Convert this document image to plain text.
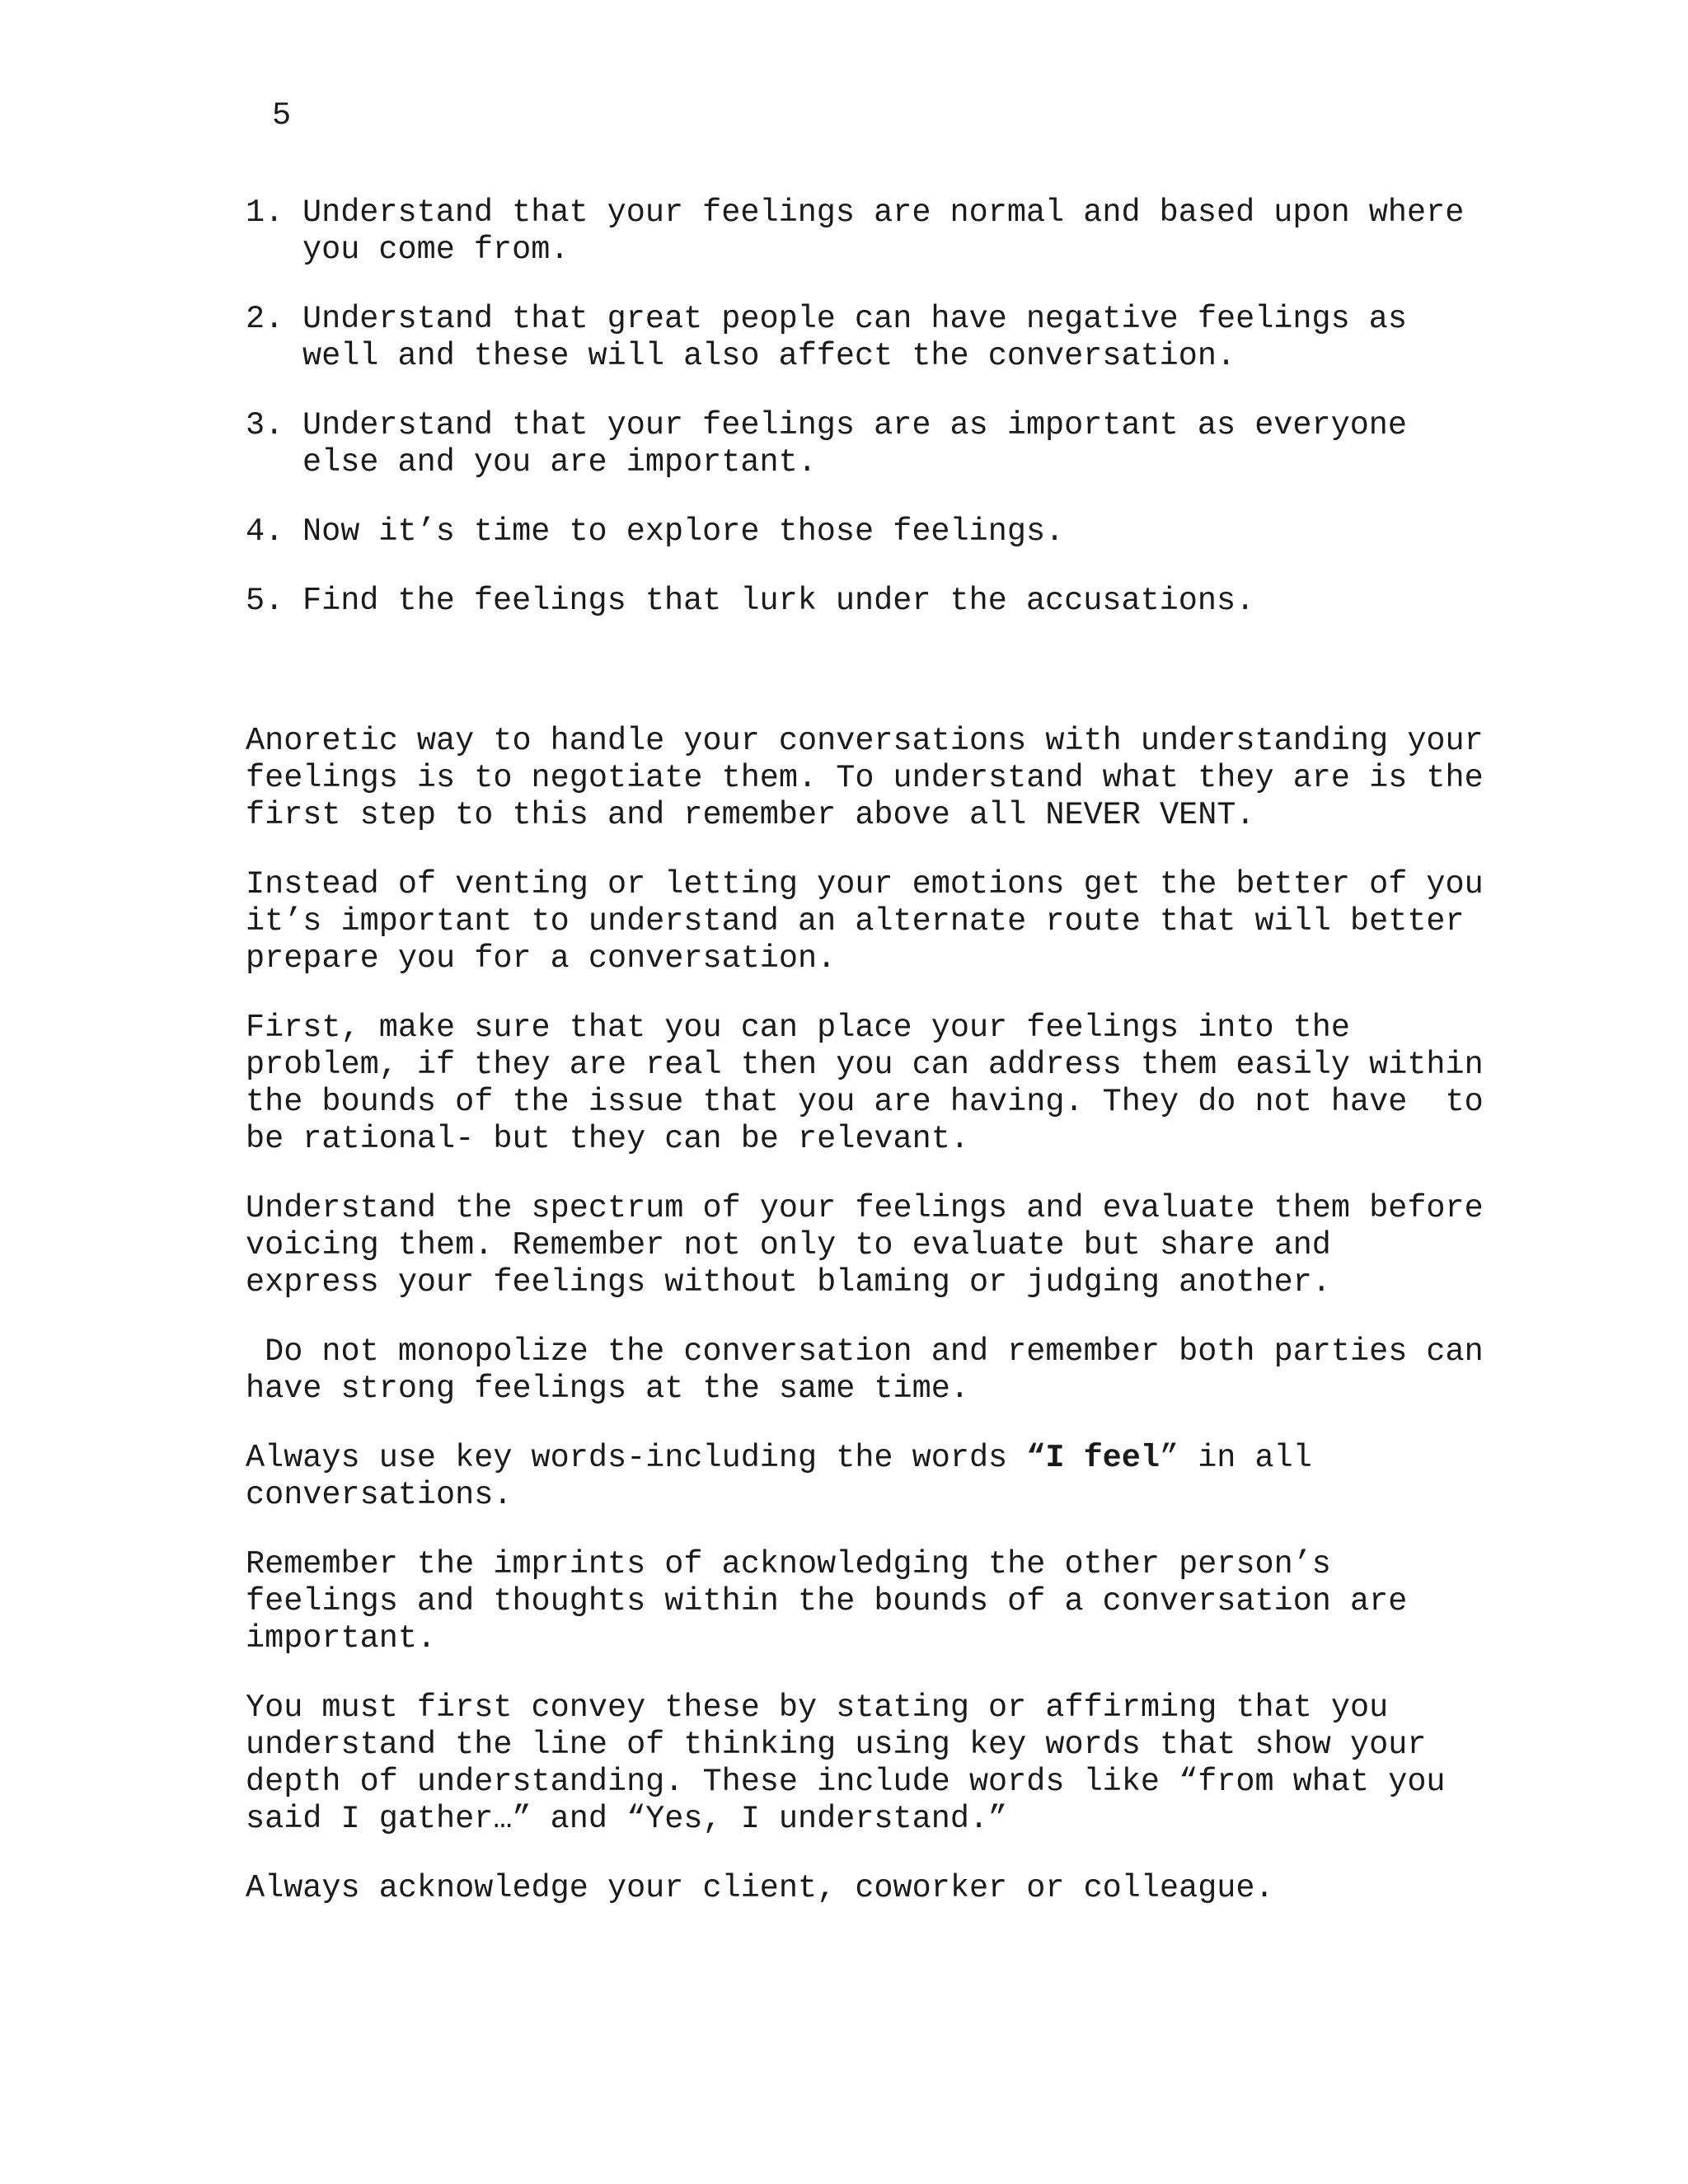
5

1. Understand that your feelings are normal and based upon where
you come from.
2. Understand that great people can have negative feelings as
well and these will also affect the conversation.
3. Understand that your feelings are as important as everyone
else and you are important.
4. Now it’s time to explore those feelings.
5. Find the feelings that lurk under the accusations.

Anoretic way to handle your conversations with understanding your
feelings is to negotiate them. To understand what they are is the
first step to this and remember above all NEVER VENT.

Instead of venting or letting your emotions get the better of you
it’s important to understand an alternate route that will better
prepare you for a conversation.

First, make sure that you can place your feelings into the
problem, if they are real then you can address them easily within
the bounds of the issue that you are having. They do not have  to
be rational- but they can be relevant.

Understand the spectrum of your feelings and evaluate them before
voicing them. Remember not only to evaluate but share and
express your feelings without blaming or judging another.

Do not monopolize the conversation and remember both parties can
have strong feelings at the same time.

Always use key words-including the words “I feel” in all
conversations.

Remember the imprints of acknowledging the other person’s
feelings and thoughts within the bounds of a conversation are
important.

You must first convey these by stating or affirming that you
understand the line of thinking using key words that show your
depth of understanding. These include words like “from what you
said I gather…” and “Yes, I understand.”

Always acknowledge your client, coworker or colleague.
